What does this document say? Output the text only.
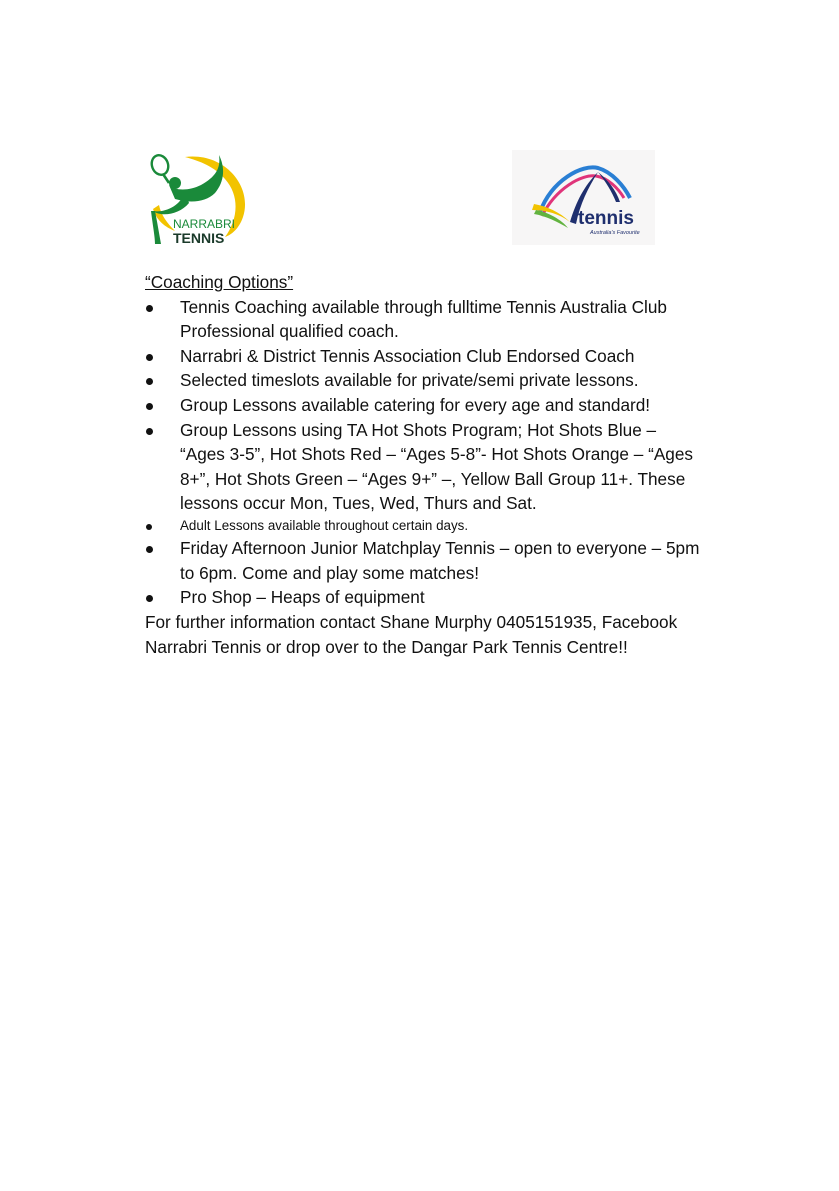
NARRABRI
TENNIS
tennis
Australia's Favourite

“Coaching Options”

Tennis Coaching available through fulltime Tennis Australia Club Professional qualified coach.
Narrabri & District Tennis Association Club Endorsed Coach
Selected timeslots available for private/semi private lessons.
Group Lessons available catering for every age and standard!
Group Lessons using TA Hot Shots Program; Hot Shots Blue – “Ages 3-5”, Hot Shots Red – “Ages 5-8”- Hot Shots Orange – “Ages 8+”, Hot Shots Green – “Ages 9+” –, Yellow Ball Group 11+. These lessons occur Mon, Tues, Wed, Thurs and Sat.
Adult Lessons available throughout certain days.
Friday Afternoon Junior Matchplay Tennis – open to everyone – 5pm to 6pm. Come and play some matches!
Pro Shop – Heaps of equipment

For further information contact Shane Murphy 0405151935, Facebook Narrabri Tennis or drop over to the Dangar Park Tennis Centre!!
